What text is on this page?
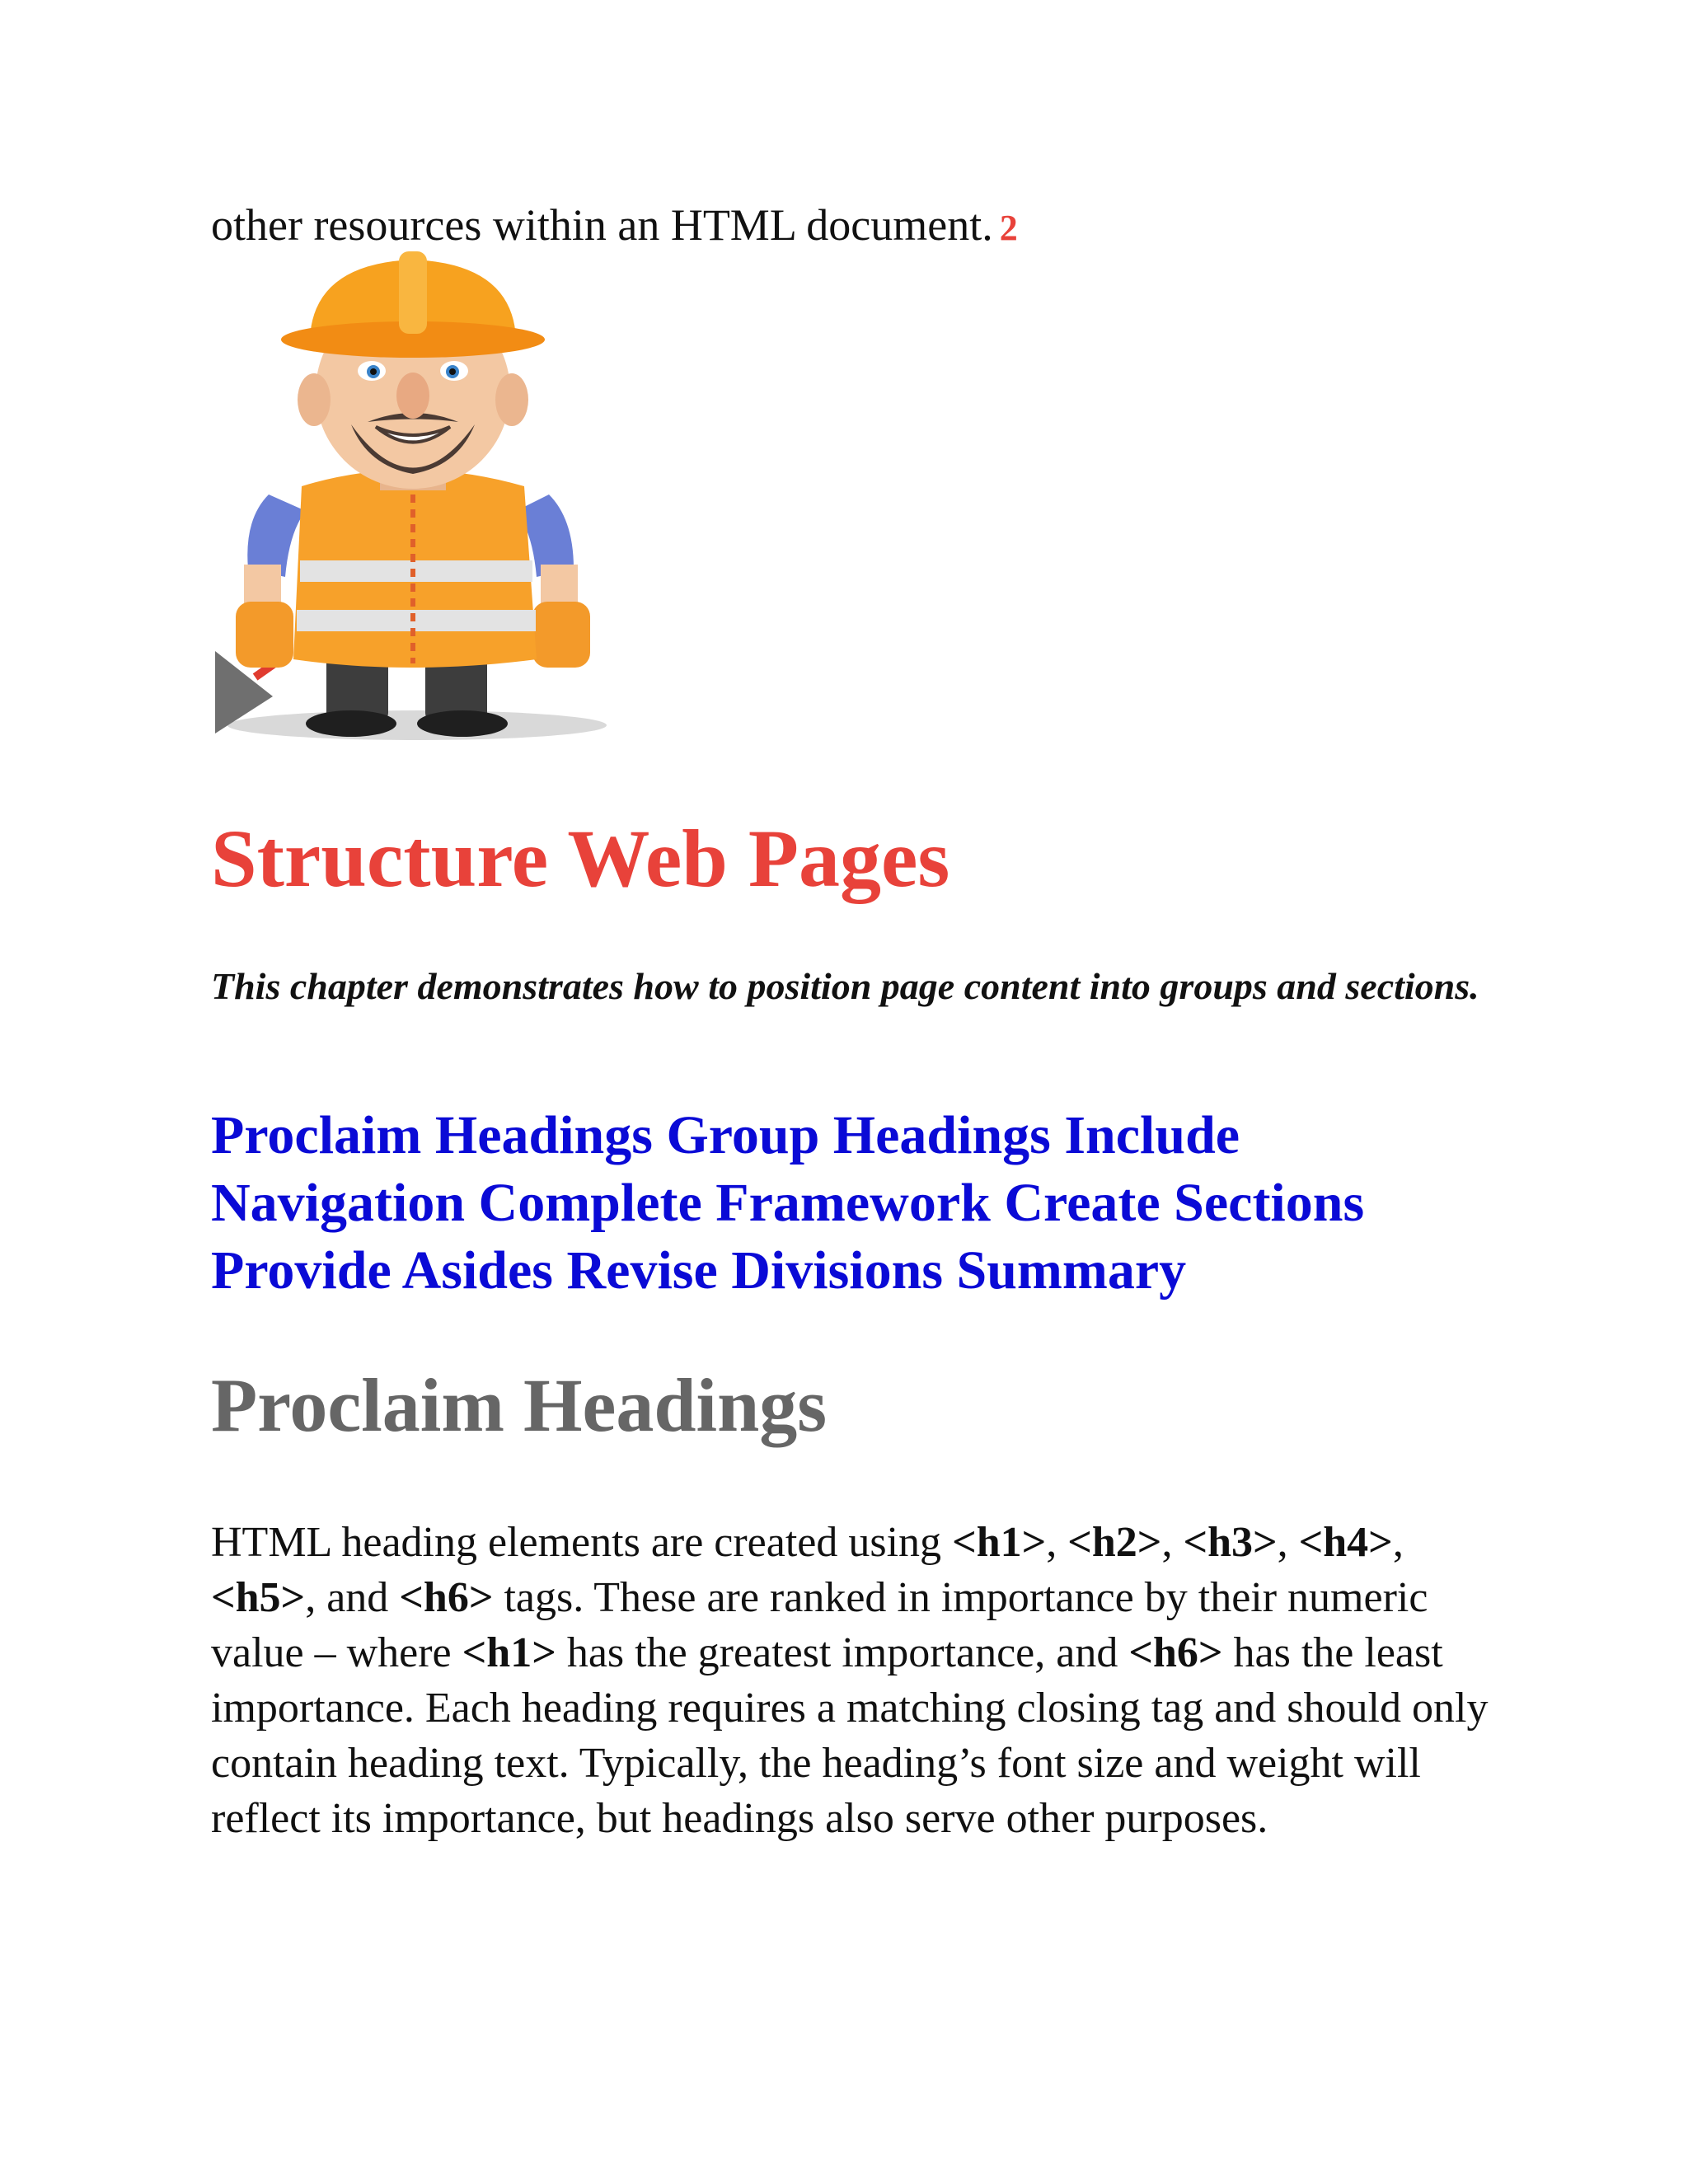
other resources within an HTML document. 2
Structure Web Pages

This chapter demonstrates how to position page content into groups and sections.

Proclaim Headings Group Headings Include Navigation Complete Framework Create Sections Provide Asides Revise Divisions Summary
Proclaim Headings

HTML heading elements are created using <h1>, <h2>, <h3>, <h4>, <h5>, and <h6> tags. These are ranked in importance by their numeric value – where <h1> has the greatest importance, and <h6> has the least importance. Each heading requires a matching closing tag and should only contain heading text. Typically, the heading’s font size and weight will reflect its importance, but headings also serve other purposes.
